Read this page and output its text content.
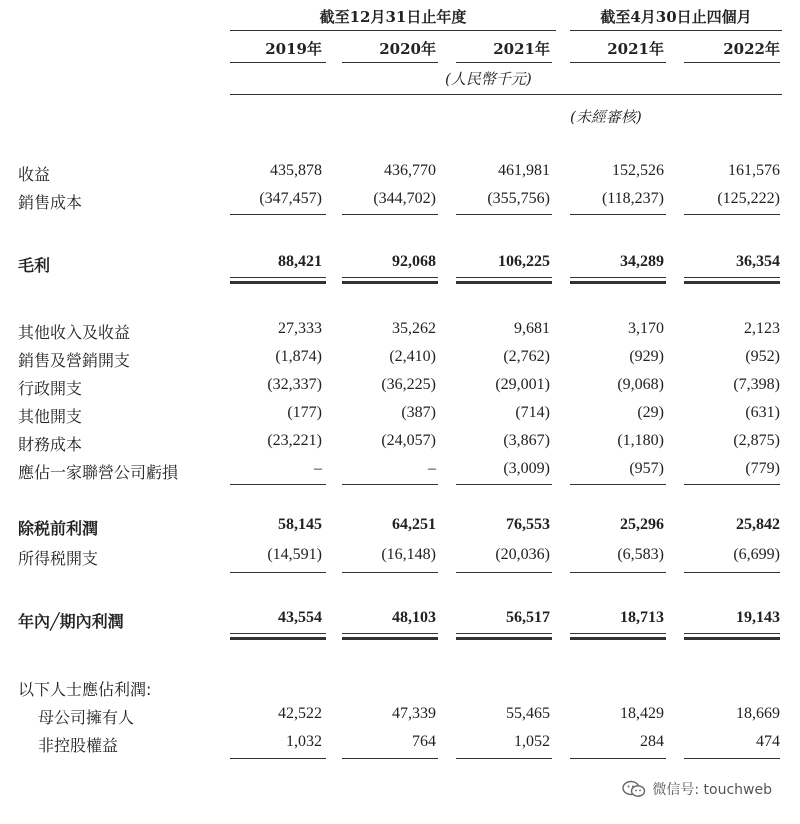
截至12月31日止年度	截至4月30日止四個月
2019年	2020年	2021年	2021年	2022年
(人民幣千元)
(未經審核)
收益	435,878	436,770	461,981	152,526	161,576
銷售成本	(347,457)	(344,702)	(355,756)	(118,237)	(125,222)
毛利	88,421	92,068	106,225	34,289	36,354
其他收入及收益	27,333	35,262	9,681	3,170	2,123
銷售及營銷開支	(1,874)	(2,410)	(2,762)	(929)	(952)
行政開支	(32,337)	(36,225)	(29,001)	(9,068)	(7,398)
其他開支	(177)	(387)	(714)	(29)	(631)
財務成本	(23,221)	(24,057)	(3,867)	(1,180)	(2,875)
應佔一家聯營公司虧損	–	–	(3,009)	(957)	(779)
除税前利潤	58,145	64,251	76,553	25,296	25,842
所得税開支	(14,591)	(16,148)	(20,036)	(6,583)	(6,699)
年內╱期內利潤	43,554	48,103	56,517	18,713	19,143
以下人士應佔利潤:
母公司擁有人	42,522	47,339	55,465	18,429	18,669
非控股權益	1,032	764	1,052	284	474
微信号: touchweb
